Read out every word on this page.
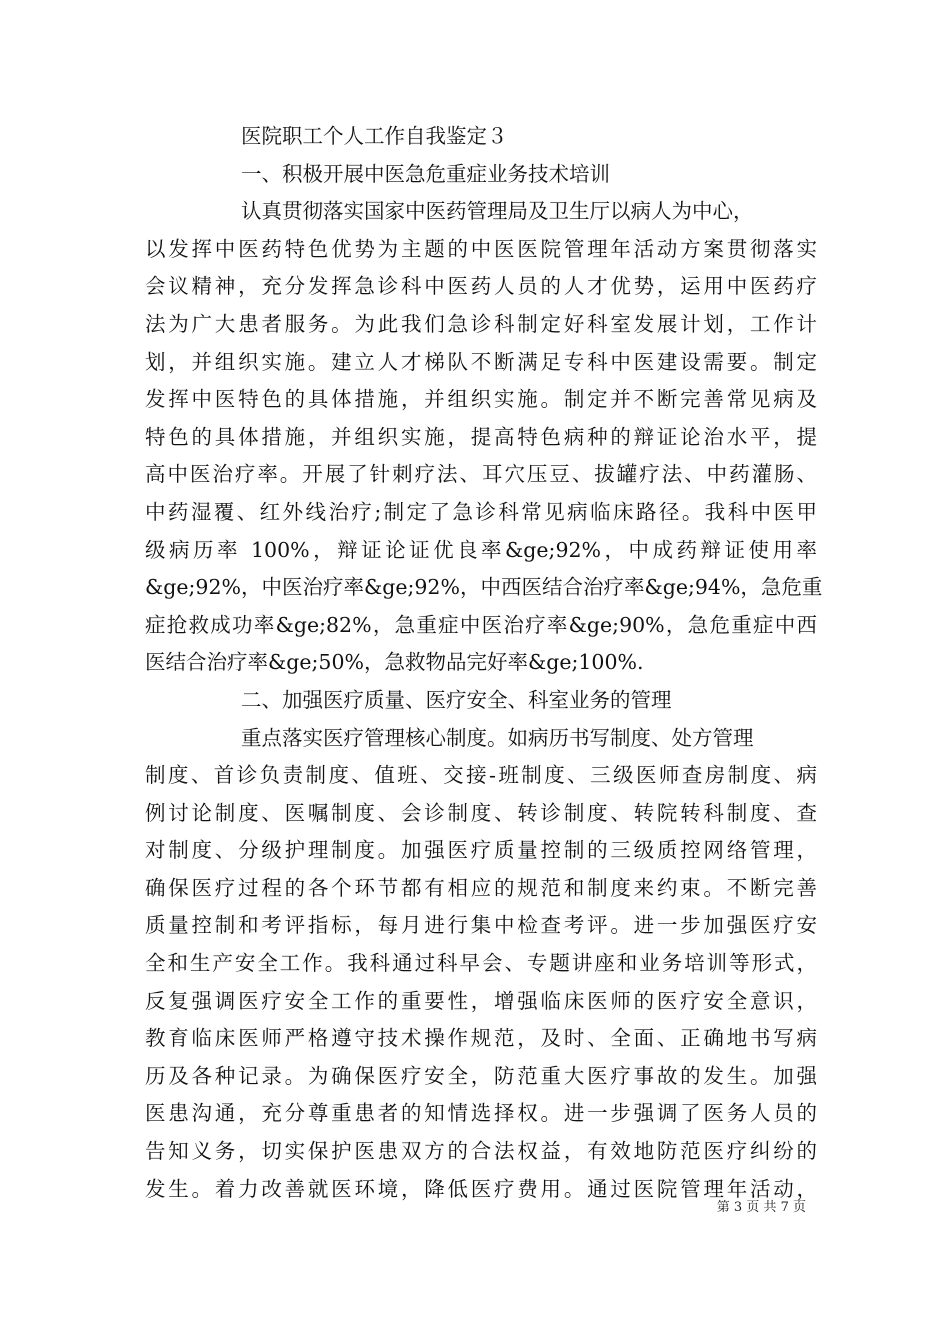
医院职工个人工作自我鉴定３
一、积极开展中医急危重症业务技术培训
认真贯彻落实国家中医药管理局及卫生厅以病人为中心，
以发挥中医药特色优势为主题的中医医院管理年活动方案贯彻落实
会议精神，充分发挥急诊科中医药人员的人才优势，运用中医药疗
法为广大患者服务。为此我们急诊科制定好科室发展计划，工作计
划，并组织实施。建立人才梯队不断满足专科中医建设需要。制定
发挥中医特色的具体措施，并组织实施。制定并不断完善常见病及
特色的具体措施，并组织实施，提高特色病种的辩证论治水平，提
高中医治疗率。开展了针刺疗法、耳穴压豆、拔罐疗法、中药灌肠、
中药湿覆、红外线治疗;制定了急诊科常见病临床路径。我科中医甲
级病历率 100%，辩证论证优良率&ge;92%，中成药辩证使用率
&ge;92%，中医治疗率&ge;92%，中西医结合治疗率&ge;94%，急危重
症抢救成功率&ge;82%，急重症中医治疗率&ge;90%，急危重症中西
医结合治疗率&ge;50%，急救物品完好率&ge;100%.
二、加强医疗质量、医疗安全、科室业务的管理
重点落实医疗管理核心制度。如病历书写制度、处方管理
制度、首诊负责制度、值班、交接-班制度、三级医师查房制度、病
例讨论制度、医嘱制度、会诊制度、转诊制度、转院转科制度、查
对制度、分级护理制度。加强医疗质量控制的三级质控网络管理，
确保医疗过程的各个环节都有相应的规范和制度来约束。不断完善
质量控制和考评指标，每月进行集中检查考评。进一步加强医疗安
全和生产安全工作。我科通过科早会、专题讲座和业务培训等形式，
反复强调医疗安全工作的重要性，增强临床医师的医疗安全意识，
教育临床医师严格遵守技术操作规范，及时、全面、正确地书写病
历及各种记录。为确保医疗安全，防范重大医疗事故的发生。加强
医患沟通，充分尊重患者的知情选择权。进一步强调了医务人员的
告知义务，切实保护医患双方的合法权益，有效地防范医疗纠纷的
发生。着力改善就医环境，降低医疗费用。通过医院管理年活动，
第 3 页 共 7 页
